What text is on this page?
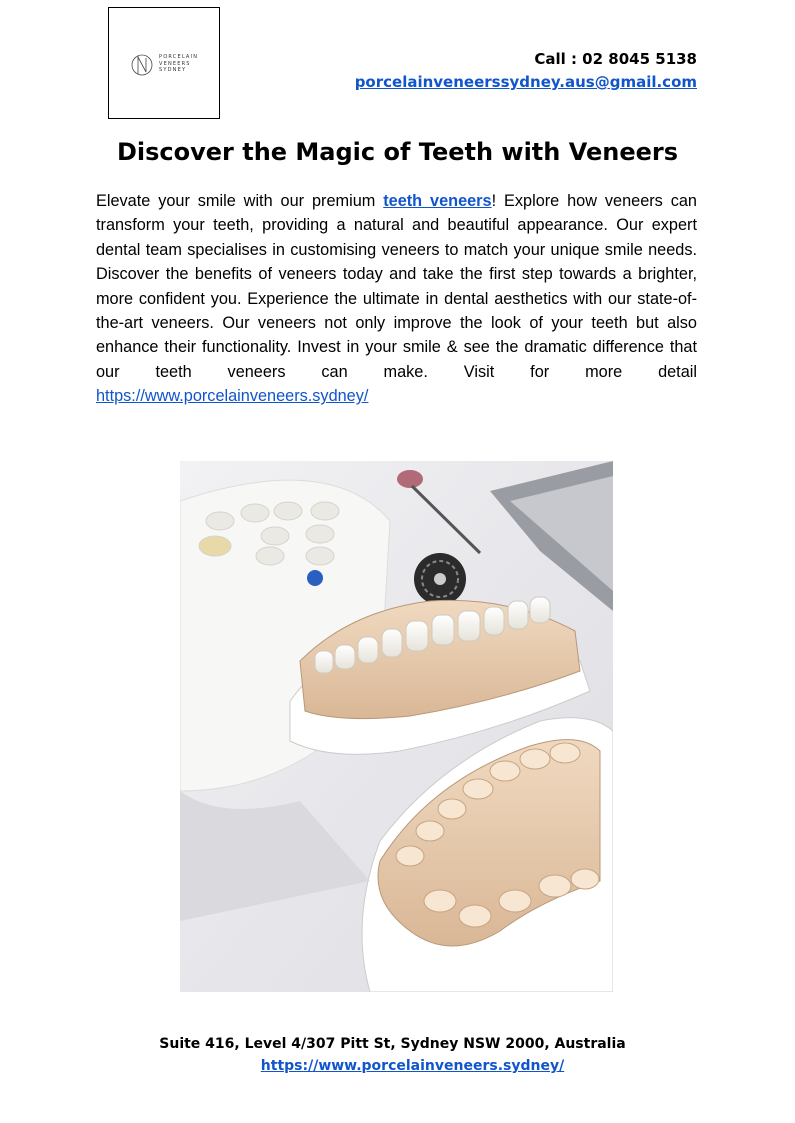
PORCELAIN
VENEERS
SYDNEY
Call : 02 8045 5138
porcelainveneerssydney.aus@gmail.com
Discover the Magic of Teeth with Veneers

Elevate your smile with our premium teeth veneers! Explore how veneers can transform your teeth, providing a natural and beautiful appearance. Our expert dental team specialises in customising veneers to match your unique smile needs. Discover the benefits of veneers today and take the first step towards a brighter, more confident you. Experience the ultimate in dental aesthetics with our state-of-the-art veneers. Our veneers not only improve the look of your teeth but also enhance their functionality. Invest in your smile & see the dramatic difference that our teeth veneers can make. Visit for more detail https://www.porcelainveneers.sydney/

Suite 416, Level 4/307 Pitt St, Sydney NSW 2000, Australia
https://www.porcelainveneers.sydney/
